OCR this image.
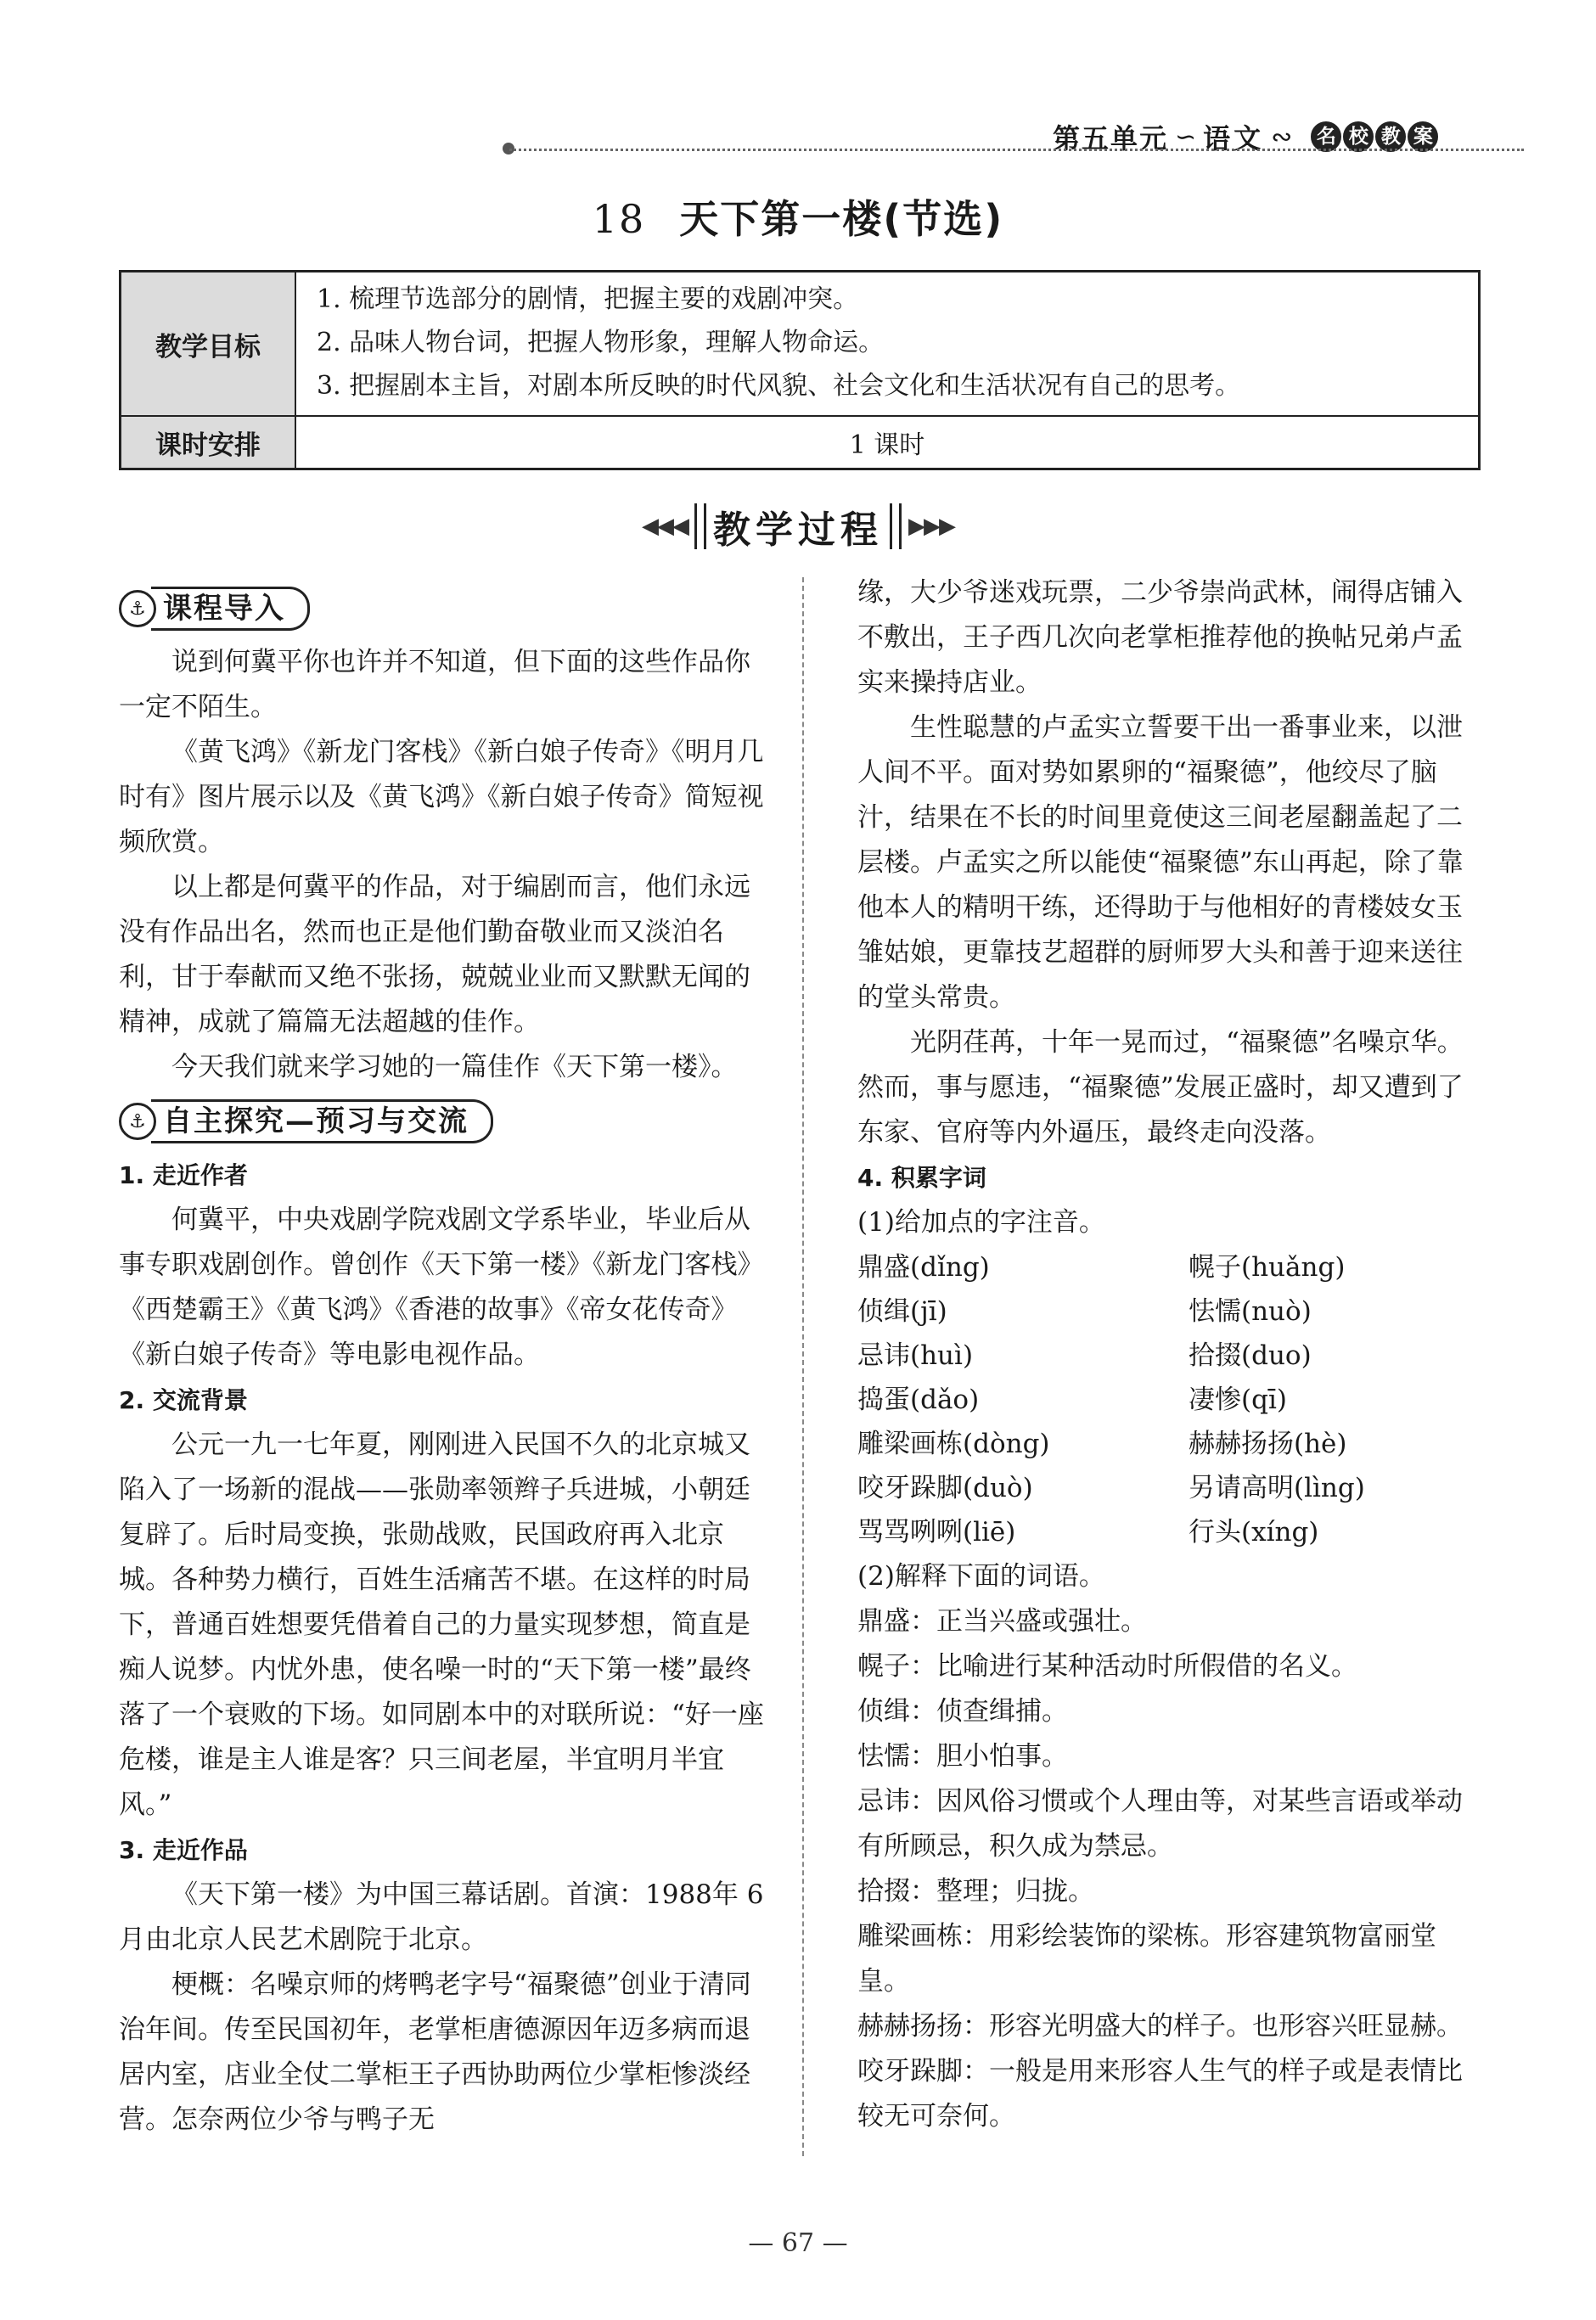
第五单元 ∽ 语文 ∾	名 校 教 案
18 天下第一楼(节选)
教学目标
1. 梳理节选部分的剧情，把握主要的戏剧冲突。
2. 品味人物台词，把握人物形象，理解人物命运。
3. 把握剧本主旨，对剧本所反映的时代风貌、社会文化和生活状况有自己的思考。
课时安排	1 课时
◀◀◀ 教学过程 ▶▶▶
⚓ 课程导入

说到何冀平你也许并不知道，但下面的这些作品你一定不陌生。

《黄飞鸿》《新龙门客栈》《新白娘子传奇》《明月几时有》图片展示以及《黄飞鸿》《新白娘子传奇》简短视频欣赏。

以上都是何冀平的作品，对于编剧而言，他们永远没有作品出名，然而也正是他们勤奋敬业而又淡泊名利，甘于奉献而又绝不张扬，兢兢业业而又默默无闻的精神，成就了篇篇无法超越的佳作。

今天我们就来学习她的一篇佳作《天下第一楼》。

⚓ 自主探究—预习与交流

1. 走近作者

何冀平，中央戏剧学院戏剧文学系毕业，毕业后从事专职戏剧创作。曾创作《天下第一楼》《新龙门客栈》《西楚霸王》《黄飞鸿》《香港的故事》《帝女花传奇》《新白娘子传奇》等电影电视作品。

2. 交流背景

公元一九一七年夏，刚刚进入民国不久的北京城又陷入了一场新的混战——张勋率领辫子兵进城，小朝廷复辟了。后时局变换，张勋战败，民国政府再入北京城。各种势力横行，百姓生活痛苦不堪。在这样的时局下，普通百姓想要凭借着自己的力量实现梦想，简直是痴人说梦。内忧外患，使名噪一时的“天下第一楼”最终落了一个衰败的下场。如同剧本中的对联所说：“好一座危楼，谁是主人谁是客？只三间老屋，半宜明月半宜风。”

3. 走近作品

《天下第一楼》为中国三幕话剧。首演：1988年 6 月由北京人民艺术剧院于北京。

梗概：名噪京师的烤鸭老字号“福聚德”创业于清同治年间。传至民国初年，老掌柜唐德源因年迈多病而退居内室，店业全仗二掌柜王子西协助两位少掌柜惨淡经营。怎奈两位少爷与鸭子无

缘，大少爷迷戏玩票，二少爷崇尚武林，闹得店铺入不敷出，王子西几次向老掌柜推荐他的换帖兄弟卢孟实来操持店业。

生性聪慧的卢孟实立誓要干出一番事业来，以泄人间不平。面对势如累卵的“福聚德”，他绞尽了脑汁，结果在不长的时间里竟使这三间老屋翻盖起了二层楼。卢孟实之所以能使“福聚德”东山再起，除了靠他本人的精明干练，还得助于与他相好的青楼妓女玉雏姑娘，更靠技艺超群的厨师罗大头和善于迎来送往的堂头常贵。

光阴荏苒，十年一晃而过，“福聚德”名噪京华。然而，事与愿违，“福聚德”发展正盛时，却又遭到了东家、官府等内外逼压，最终走向没落。

4. 积累字词

(1)给加点的字注音。

鼎盛(dǐng)	幌子(huǎng)
侦缉(jī)	怯懦(nuò)
忌讳(huì)	拾掇(duo)
捣蛋(dǎo)	凄惨(qī)
雕梁画栋(dòng)	赫赫扬扬(hè)
咬牙跺脚(duò)	另请高明(lìng)
骂骂咧咧(liē)	行头(xíng)

(2)解释下面的词语。

鼎盛：正当兴盛或强壮。

幌子：比喻进行某种活动时所假借的名义。

侦缉：侦查缉捕。

怯懦：胆小怕事。

忌讳：因风俗习惯或个人理由等，对某些言语或举动有所顾忌，积久成为禁忌。

拾掇：整理；归拢。

雕梁画栋：用彩绘装饰的梁栋。形容建筑物富丽堂皇。

赫赫扬扬：形容光明盛大的样子。也形容兴旺显赫。

咬牙跺脚：一般是用来形容人生气的样子或是表情比较无可奈何。

— 67 —
